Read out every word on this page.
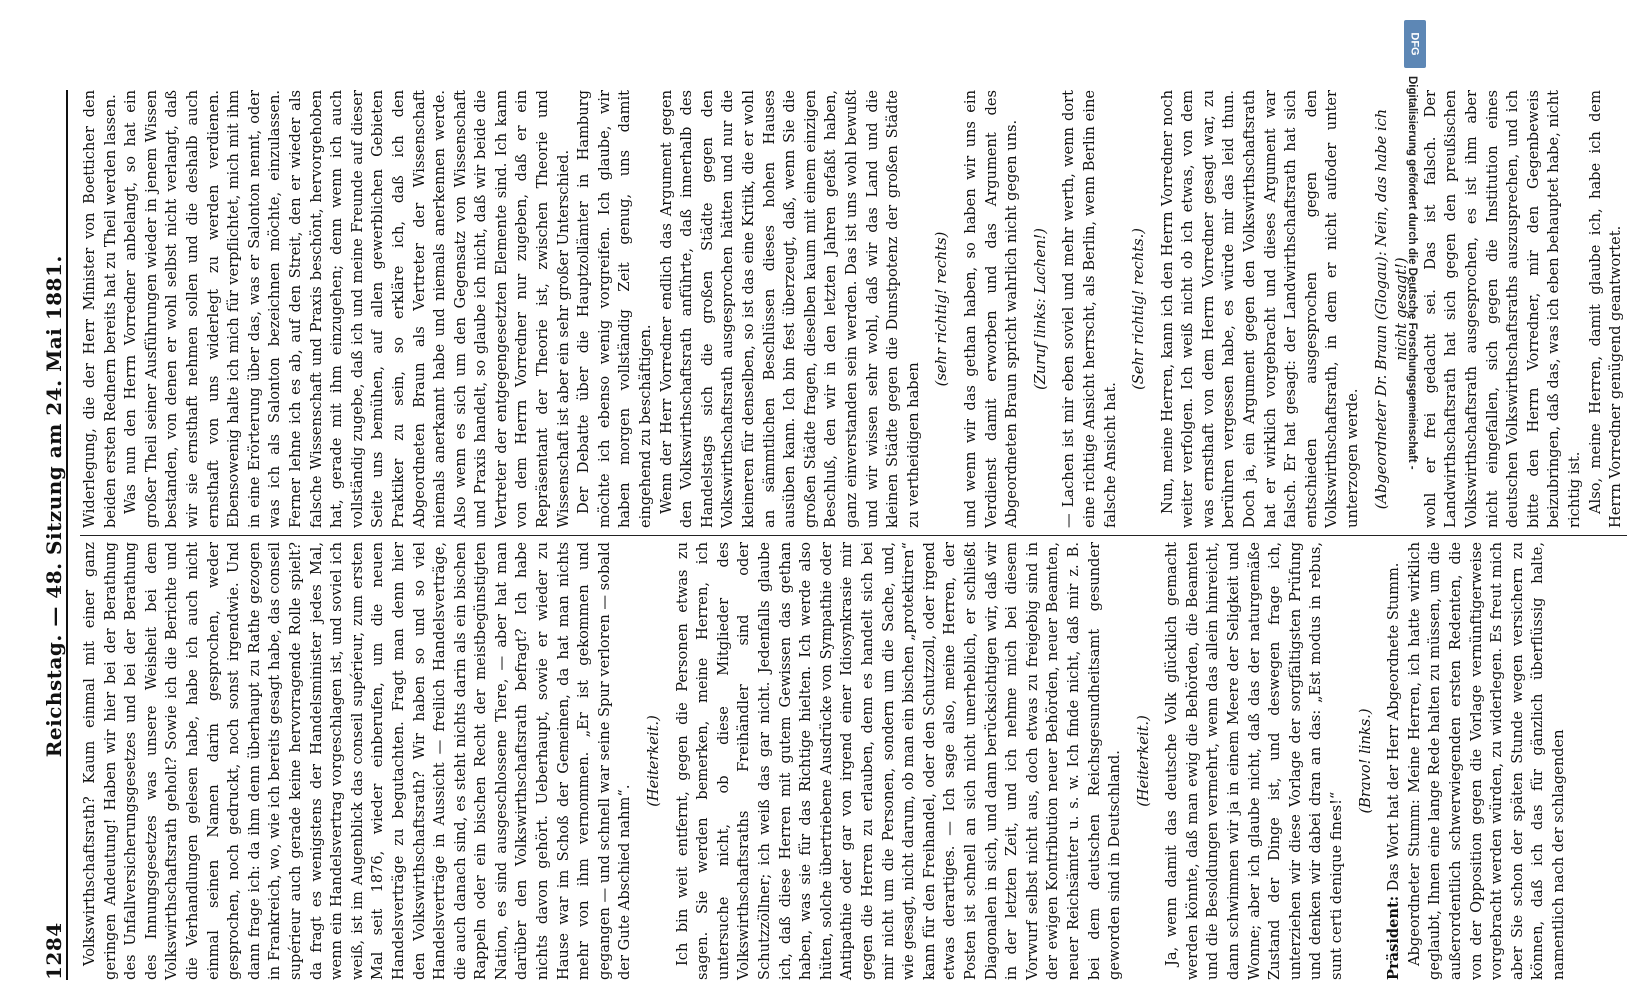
1284
Reichstag. — 48. Sitzung am 24. Mai 1881. Volkswirthschaftsrath? Kaum einmal mit einer ganz geringen Andeutung! Haben wir hier bei der Berathung des Unfallversicherungsgesetzes und bei der Berathung des Innungsgesetzes was unsere Weisheit bei dem Volkswirthschaftsrath geholt? Sowie ich die Berichte und die Verhandlungen gelesen habe, habe ich auch nicht einmal seinen Namen darin gesprochen, weder gesprochen, noch gedruckt, noch sonst irgendwie. Und dann frage ich: da ihm denn überhaupt zu Rathe gezogen in Frankreich, wo, wie ich bereits gesagt habe, das conseil supérieur auch gerade keine hervorragende Rolle spielt? da fragt es wenigstens der Handelsminister jedes Mal, wenn ein Handelsvertrag vorgeschlagen ist, und soviel ich weiß, ist im Augenblick das conseil supérieur, zum ersten Mal seit 1876, wieder einberufen, um die neuen Handelsverträge zu begutachten. Fragt man denn hier den Volkswirthschaftsrath? Wir haben so und so viel Handelsverträge in Aussicht — freilich Handelsverträge, die auch danach sind, es steht nichts darin als ein bischen Rappeln oder ein bischen Recht der meistbegünstigten Nation, es sind ausgeschlossene Tiere, — aber hat man darüber den Volkswirthschaftsrath befragt? Ich habe nichts davon gehört. Ueberhaupt, sowie er wieder zu Hause war im Schoß der Gemeinen, da hat man nichts mehr von ihm vernommen. „Er ist gekommen und gegangen — und schnell war seine Spur verloren — sobald der Gute Abschied nahm“.

(Heiterkeit.) Ich bin weit entfernt, gegen die Personen etwas zu sagen. Sie werden bemerken, meine Herren, ich untersuche nicht, ob diese Mitglieder des Volkswirthschaftsraths Freihändler sind oder Schutzzöllner; ich weiß das gar nicht. Jedenfalls glaube ich, daß diese Herren mit gutem Gewissen das gethan haben, was sie für das Richtige hielten. Ich werde also hüten, solche übertriebene Ausdrücke von Sympathie oder Antipathie oder gar von irgend einer Idiosynkrasie mir gegen die Herren zu erlauben, denn es handelt sich bei mir nicht um die Personen, sondern um die Sache, und, wie gesagt, nicht darum, ob man ein bischen „protektiren“ kann für den Freihandel, oder den Schutzzoll, oder irgend etwas derartiges. — Ich sage also, meine Herren, der Posten ist schnell an sich nicht unerheblich, er schließt Diagonalen in sich, und dann berücksichtigen wir, daß wir in der letzten Zeit, und ich nehme mich bei diesem Vorwurf selbst nicht aus, doch etwas zu freigebig sind in der ewigen Kontribution neuer Behörden, neuer Beamten, neuer Reichsämter u. s. w. Ich finde nicht, daß mir z. B. bei dem deutschen Reichsgesundheitsamt gesunder geworden sind in Deutschland. (Heiterkeit.) Ja, wenn damit das deutsche Volk glücklich gemacht werden könnte, daß man ewig die Behörden, die Beamten und die Besoldungen vermehrt, wenn das allein hinreicht, dann schwimmen wir ja in einem Meere der Seligkeit und Wonne; aber ich glaube nicht, daß das der naturgemäße Zustand der Dinge ist, und deswegen frage ich, unterziehen wir diese Vorlage der sorgfältigsten Prüfung und denken wir dabei dran an das: „Est modus in rebus, sunt certi denique fines!“

(Bravo! links.)

Präsident: Das Wort hat der Herr Abgeordnete Stumm. Abgeordneter Stumm: Meine Herren, ich hatte wirklich geglaubt, Ihnen eine lange Rede halten zu müssen, um die außerordentlich schwerwiegenden ersten Redenten, die von der Opposition gegen die Vorlage vernünftigerweise vorgebracht werden würden, zu widerlegen. Es freut mich aber Sie schon der späten Stunde wegen versichern zu können, daß ich das für gänzlich überflüssig halte, namentlich nach der schlagenden

Widerlegung, die der Herr Minister von Boetticher den beiden ersten Rednern bereits hat zu Theil werden lassen. Was nun den Herrn Vorredner anbelangt, so hat ein großer Theil seiner Ausführungen wieder in jenem Wissen bestanden, von denen er wohl selbst nicht verlangt, daß wir sie ernsthaft nehmen sollen und die deshalb auch ernsthaft von uns widerlegt zu werden verdienen. Ebensowenig halte ich mich für verpflichtet, mich mit ihm in eine Erörterung über das, was er Salonton nennt, oder was ich als Salonton bezeichnen möchte, einzulassen. Ferner lehne ich es ab, auf den Streit, den er wieder als falsche Wissenschaft und Praxis beschönt, hervorgehoben hat, gerade mit ihm einzugehen; denn wenn ich auch vollständig zugebe, daß ich und meine Freunde auf dieser Seite uns bemühen, auf allen gewerblichen Gebieten Praktiker zu sein, so erkläre ich, daß ich den Abgeordneten Braun als Vertreter der Wissenschaft niemals anerkannt habe und niemals anerkennen werde. Also wenn es sich um den Gegensatz von Wissenschaft und Praxis handelt, so glaube ich nicht, daß wir beide die Vertreter der entgegengesetzten Elemente sind. Ich kann von dem Herrn Vorredner nur zugeben, daß er ein Repräsentant der Theorie ist, zwischen Theorie und Wissenschaft ist aber ein sehr großer Unterschied. Der Debatte über die Hauptzollämter in Hamburg möchte ich ebenso wenig vorgreifen. Ich glaube, wir haben morgen vollständig Zeit genug, uns damit eingehend zu beschäftigen. Wenn der Herr Vorredner endlich das Argument gegen den Volkswirthschaftsrath anführte, daß innerhalb des Handelstags sich die großen Städte gegen den Volkswirthschaftsrath ausgesprochen hätten und nur die kleineren für denselben, so ist das eine Kritik, die er wohl an sämmtlichen Beschlüssen dieses hohen Hauses ausüben kann. Ich bin fest überzeugt, daß, wenn Sie die großen Städte fragen, dieselben kaum mit einem einzigen Beschluß, den wir in den letzten Jahren gefaßt haben, ganz einverstanden sein werden. Das ist uns wohl bewußt und wir wissen sehr wohl, daß wir das Land und die kleinen Städte gegen die Dunstpotenz der großen Städte zu vertheidigen haben

(sehr richtig! rechts) und wenn wir das gethan haben, so haben wir uns ein Verdienst damit erworben und das Argument des Abgeordneten Braun spricht wahrlich nicht gegen uns. (Zuruf links: Lachen!) — Lachen ist mir eben soviel und mehr werth, wenn dort eine richtige Ansicht herrscht, als Berlin, wenn Berlin eine falsche Ansicht hat.

(Sehr richtig! rechts.) Nun, meine Herren, kann ich den Herrn Vorredner noch weiter verfolgen. Ich weiß nicht ob ich etwas, von dem was ernsthaft von dem Herrn Vorredner gesagt war, zu berühren vergessen habe, es würde mir das leid thun. Doch ja, ein Argument gegen den Volkswirthschaftsrath hat er wirklich vorgebracht und dieses Argument war falsch. Er hat gesagt: der Landwirthschaftsrath hat sich entschieden ausgesprochen gegen den Volkswirthschaftsrath, in dem er nicht aufoder unter unterzogen werde. (Abgeordneter Dr. Braun (Glogau): Nein, das habe ich nicht gesagt!) wohl er frei gedacht sei. Das ist falsch. Der Landwirthschaftsrath hat sich gegen den preußischen Volkswirthschaftsrath ausgesprochen, es ist ihm aber nicht eingefallen, sich gegen die Institution eines deutschen Volkswirthschaftsraths auszusprechen, und ich bitte den Herrn Vorredner, mir den Gegenbeweis beizubringen, daß das, was ich eben behauptet habe, nicht richtig ist. Also, meine Herren, damit glaube ich, habe ich dem Herrn Vorredner genügend geantwortet.

DFG
Digitalisierung gefördert durch die Deutsche Forschungsgemeinschaft -
